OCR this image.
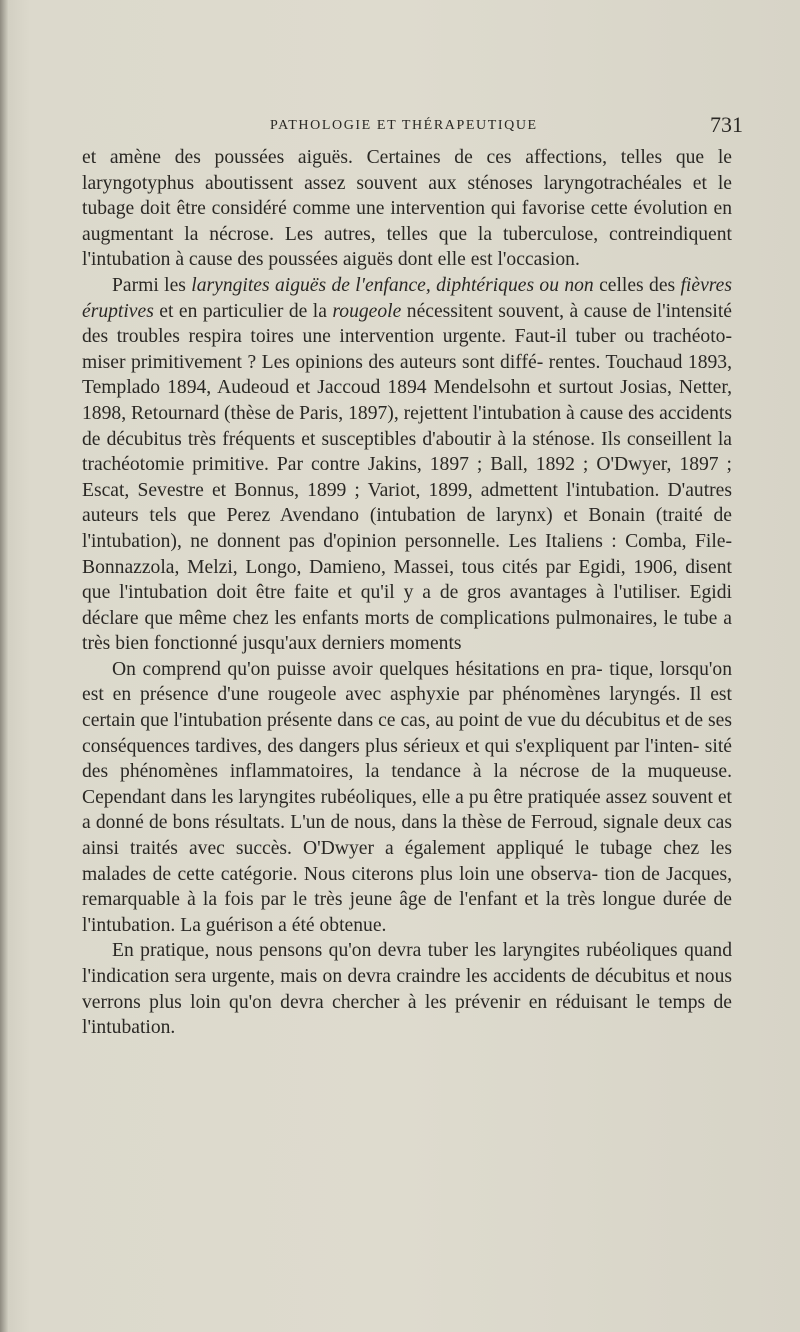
PATHOLOGIE ET THÉRAPEUTIQUE	731

et amène des poussées aiguës. Certaines de ces affections, telles que le laryngotyphus aboutissent assez souvent aux sténoses laryngotrachéales et le tubage doit être considéré comme une intervention qui favorise cette évolution en augmentant la nécrose. Les autres, telles que la tuberculose, contreindiquent l'intubation à cause des poussées aiguës dont elle est l'occasion.

Parmi les laryngites aiguës de l'enfance, diphtériques ou non celles des fièvres éruptives et en particulier de la rougeole nécessitent souvent, à cause de l'intensité des troubles respira toires une intervention urgente. Faut-il tuber ou trachéoto- miser primitivement ? Les opinions des auteurs sont diffé- rentes. Touchaud 1893, Templado 1894, Audeoud et Jaccoud 1894 Mendelsohn et surtout Josias, Netter, 1898, Retournard (thèse de Paris, 1897), rejettent l'intubation à cause des accidents de décubitus très fréquents et susceptibles d'aboutir à la sténose. Ils conseillent la trachéotomie primitive. Par contre Jakins, 1897 ; Ball, 1892 ; O'Dwyer, 1897 ; Escat, Sevestre et Bonnus, 1899 ; Variot, 1899, admettent l'intubation. D'autres auteurs tels que Perez Avendano (intubation de larynx) et Bonain (traité de l'intubation), ne donnent pas d'opinion personnelle. Les Italiens : Comba, File-Bonnazzola, Melzi, Longo, Damieno, Massei, tous cités par Egidi, 1906, disent que l'intubation doit être faite et qu'il y a de gros avantages à l'utiliser. Egidi déclare que même chez les enfants morts de complications pulmonaires, le tube a très bien fonctionné jusqu'aux derniers moments

On comprend qu'on puisse avoir quelques hésitations en pra- tique, lorsqu'on est en présence d'une rougeole avec asphyxie par phénomènes laryngés. Il est certain que l'intubation présente dans ce cas, au point de vue du décubitus et de ses conséquences tardives, des dangers plus sérieux et qui s'expliquent par l'inten- sité des phénomènes inflammatoires, la tendance à la nécrose de la muqueuse. Cependant dans les laryngites rubéoliques, elle a pu être pratiquée assez souvent et a donné de bons résultats. L'un de nous, dans la thèse de Ferroud, signale deux cas ainsi traités avec succès. O'Dwyer a également appliqué le tubage chez les malades de cette catégorie. Nous citerons plus loin une observa- tion de Jacques, remarquable à la fois par le très jeune âge de l'enfant et la très longue durée de l'intubation. La guérison a été obtenue.

En pratique, nous pensons qu'on devra tuber les laryngites rubéoliques quand l'indication sera urgente, mais on devra craindre les accidents de décubitus et nous verrons plus loin qu'on devra chercher à les prévenir en réduisant le temps de l'intubation.
